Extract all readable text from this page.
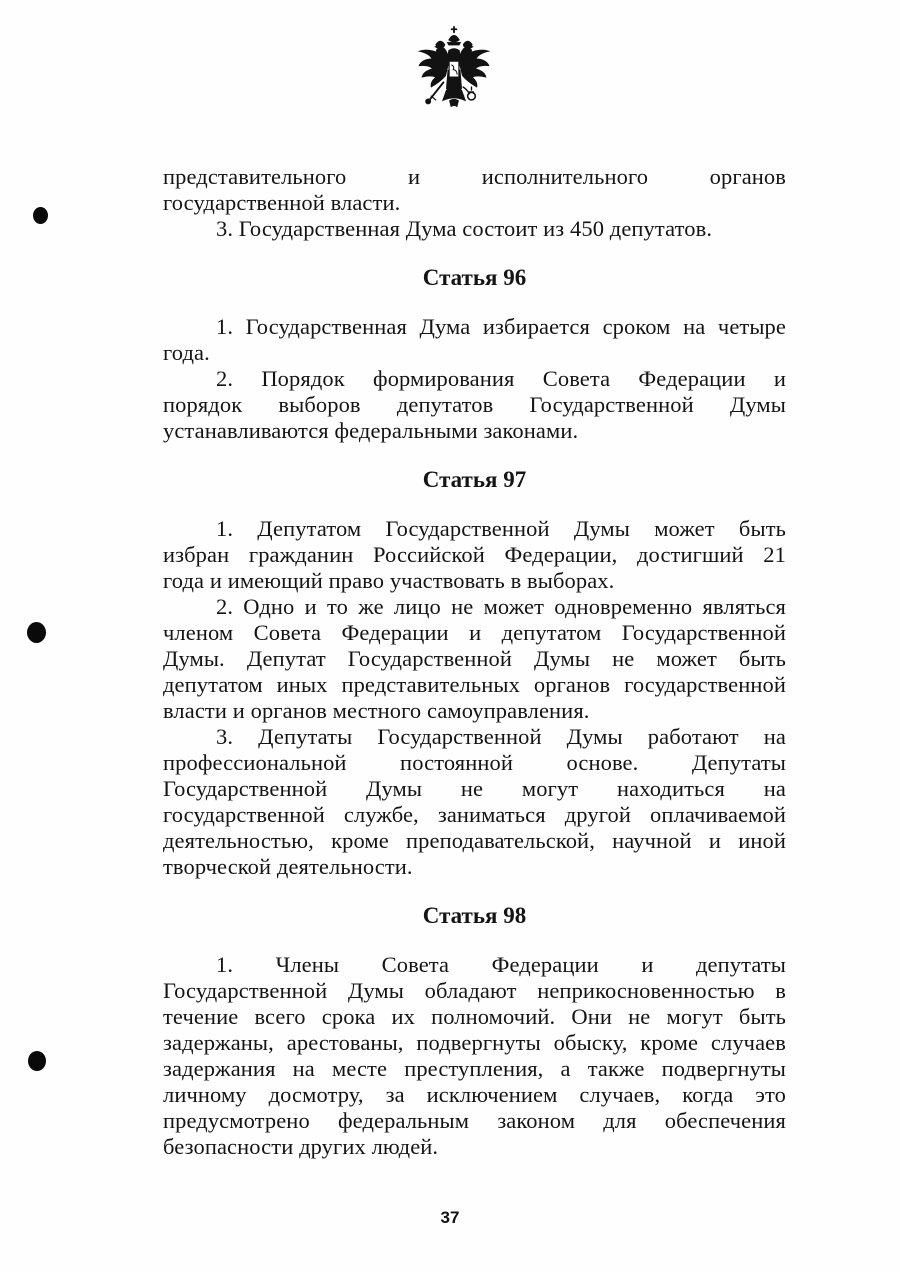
представительного и исполнительного органов
государственной власти.
3. Государственная Дума состоит из 450 депутатов.
Статья 96
1. Государственная Дума избирается сроком на четыре
года.
2. Порядок формирования Совета Федерации и
порядок выборов депутатов Государственной Думы
устанавливаются федеральными законами.
Статья 97
1. Депутатом Государственной Думы может быть
избран гражданин Российской Федерации, достигший 21
года и имеющий право участвовать в выборах.
2. Одно и то же лицо не может одновременно являться
членом Совета Федерации и депутатом Государственной
Думы. Депутат Государственной Думы не может быть
депутатом иных представительных органов государственной
власти и органов местного самоуправления.
3. Депутаты Государственной Думы работают на
профессиональной постоянной основе. Депутаты
Государственной Думы не могут находиться на
государственной службе, заниматься другой оплачиваемой
деятельностью, кроме преподавательской, научной и иной
творческой деятельности.
Статья 98
1. Члены Совета Федерации и депутаты
Государственной Думы обладают неприкосновенностью в
течение всего срока их полномочий. Они не могут быть
задержаны, арестованы, подвергнуты обыску, кроме случаев
задержания на месте преступления, а также подвергнуты
личному досмотру, за исключением случаев, когда это
предусмотрено федеральным законом для обеспечения
безопасности других людей.
37
